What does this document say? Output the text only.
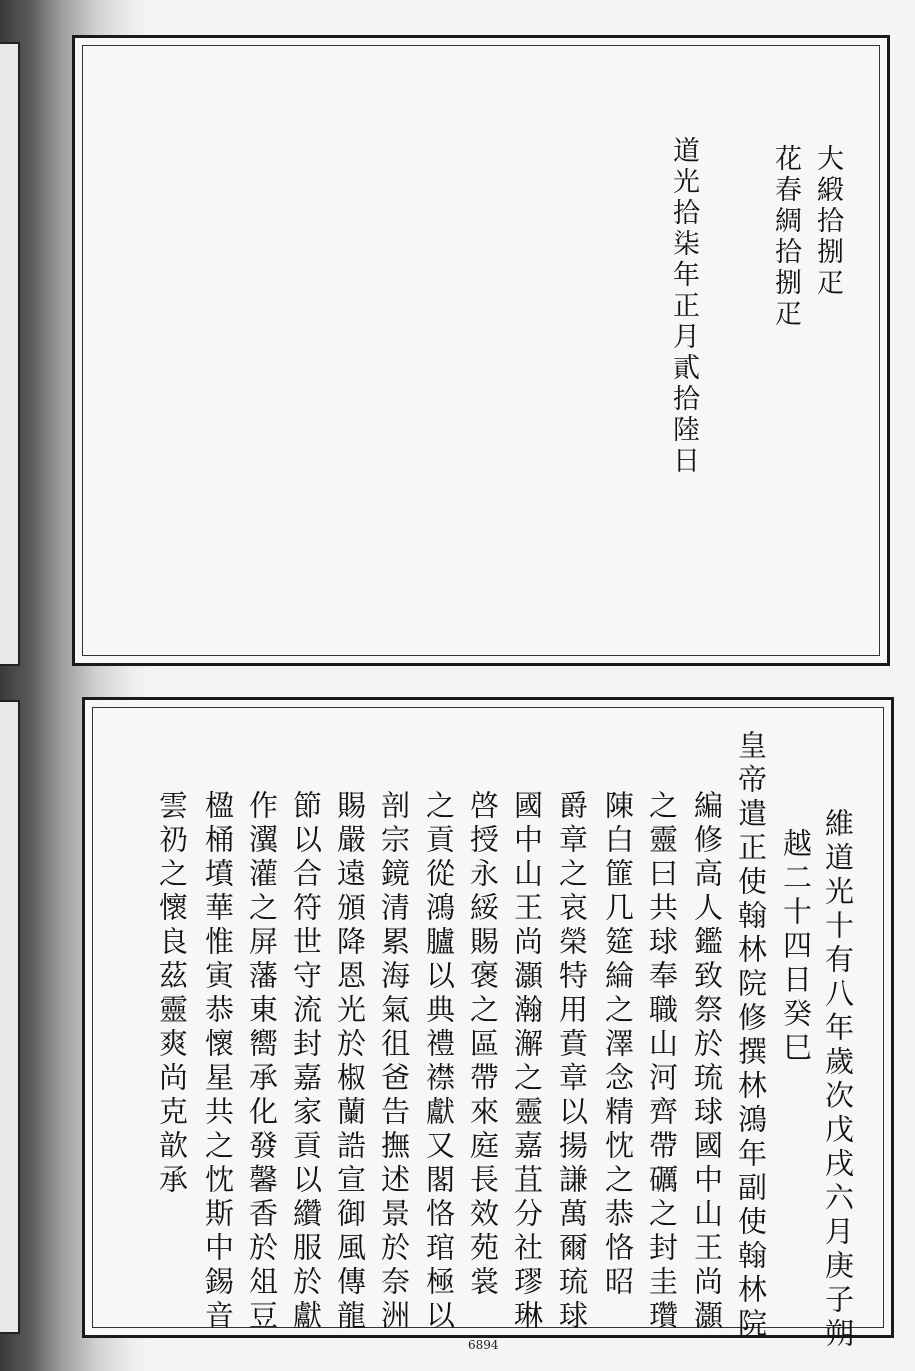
大緞拾捌疋
花春綢拾捌疋
道光拾柒年正月貳拾陸日
維道光十有八年歲次戊戌六月庚子朔
越二十四日癸巳
皇帝遣正使翰林院修撰林鴻年副使翰林院
編修高人鑑致祭於琉球國中山王尚灝
之靈曰共球奉職山河齊帶礪之封圭瓚
陳白篚几筵綸之澤念精忱之恭恪昭
爵章之哀榮特用賁章以揚謙萬爾琉球
國中山王尚灝瀚澥之靈嘉苴分社璆琳
啓授永綏賜褒之區帶來庭長效苑裳
之貢從鴻臚以典禮襟獻又閣恪琯極以
剖宗鏡清累海氣徂爸告撫述景於奈洲
賜嚴遠頒降恩光於椒蘭誥宣御風傳龍
節以合符世守流封嘉家貢以纘服於獻
作瀷灌之屏藩東嚮承化發馨香於俎豆
楹桶墳華惟寅恭懷星共之忱斯中錫音
雲礽之懷良茲靈爽尚克歆承
6894
